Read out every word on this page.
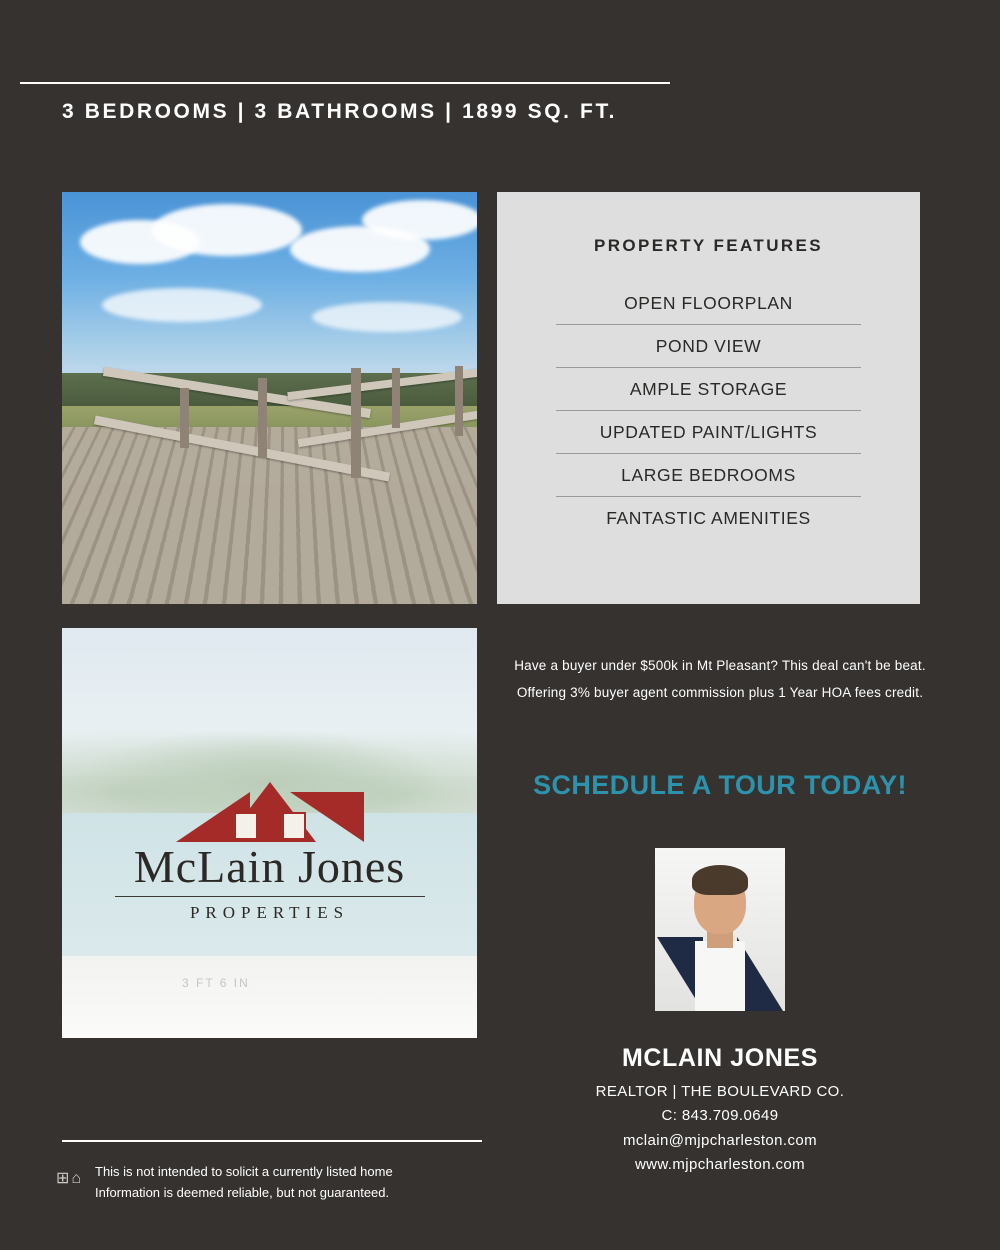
3 BEDROOMS | 3 BATHROOMS | 1899 SQ. FT.
PROPERTY FEATURES
OPEN FLOORPLAN
POND VIEW
AMPLE STORAGE
UPDATED PAINT/LIGHTS
LARGE BEDROOMS
FANTASTIC AMENITIES
3 FT 6 IN
McLain Jones
PROPERTIES
Have a buyer under $500k in Mt Pleasant? This deal can't be beat.
Offering 3% buyer agent commission plus 1 Year HOA fees credit.
SCHEDULE A TOUR TODAY!
MCLAIN JONES
REALTOR | THE BOULEVARD CO.
C: 843.709.0649
mclain@mjpcharleston.com
www.mjpcharleston.com
⊞⌂ This is not intended to solicit a currently listed home
Information is deemed reliable, but not guaranteed.
